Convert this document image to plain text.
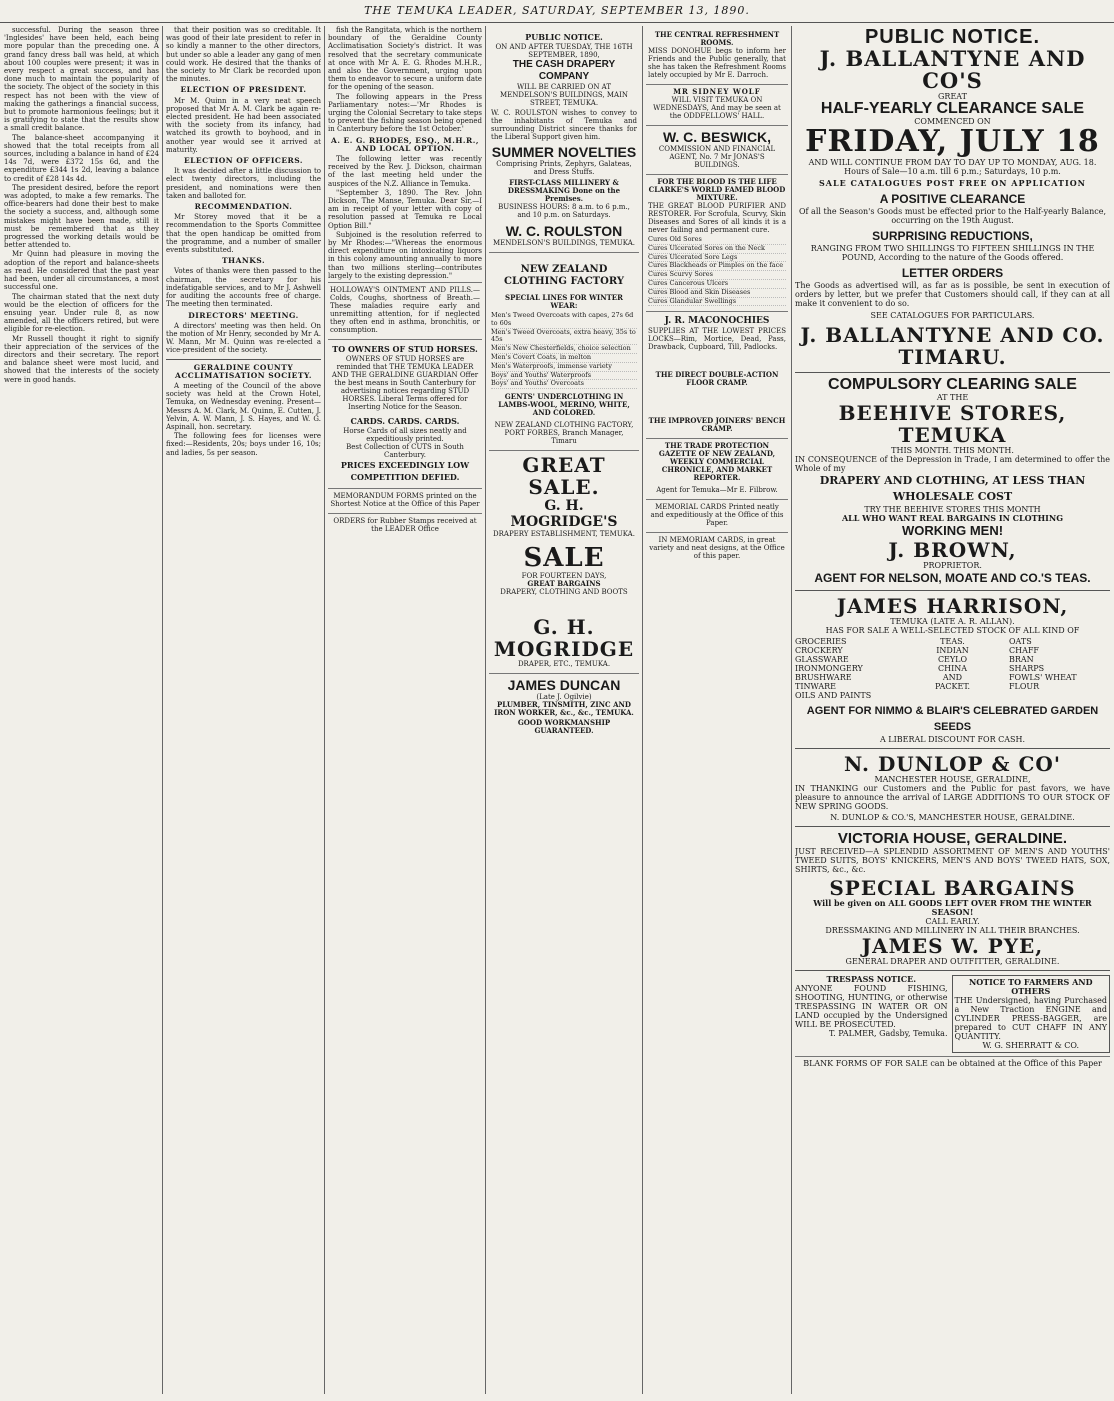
THE TEMUKA LEADER, SATURDAY, SEPTEMBER 13, 1890.

successful. During the season three 'Inglesides' have been held, each being more popular than the preceding one. A grand fancy dress ball was held, at which about 100 couples were present; it was in every respect a great success, and has done much to maintain the popularity of the society. The object of the society in this respect has not been with the view of making the gatherings a financial success, but to promote harmonious feelings; but it is gratifying to state that the results show a small credit balance.

The balance-sheet accompanying it showed that the total receipts from all sources, including a balance in hand of £24 14s 7d, were £372 15s 6d, and the expenditure £344 1s 2d, leaving a balance to credit of £28 14s 4d.

The president desired, before the report was adopted, to make a few remarks. The office-bearers had done their best to make the society a success, and, although some mistakes might have been made, still it must be remembered that as they progressed the working details would be better attended to.

Mr Quinn had pleasure in moving the adoption of the report and balance-sheets as read. He considered that the past year had been, under all circumstances, a most successful one.

The chairman stated that the next duty would be the election of officers for the ensuing year. Under rule 8, as now amended, all the officers retired, but were eligible for re-election.

Mr Russell thought it right to signify their appreciation of the services of the directors and their secretary. The report and balance sheet were most lucid, and showed that the interests of the society were in good hands.

that their position was so creditable. It was good of their late president to refer in so kindly a manner to the other directors, but under so able a leader any gang of men could work. He desired that the thanks of the society to Mr Clark be recorded upon the minutes.

ELECTION OF PRESIDENT.

Mr M. Quinn in a very neat speech proposed that Mr A. M. Clark be again re-elected president. He had been associated with the society from its infancy, had watched its growth to boyhood, and in another year would see it arrived at maturity.

ELECTION OF OFFICERS.

It was decided after a little discussion to elect twenty directors, including the president, and nominations were then taken and balloted for.

RECOMMENDATION.

Mr Storey moved that it be a recommendation to the Sports Committee that the open handicap be omitted from the programme, and a number of smaller events substituted.

THANKS.

Votes of thanks were then passed to the chairman, the secretary for his indefatigable services, and to Mr J. Ashwell for auditing the accounts free of charge. The meeting then terminated.

DIRECTORS' MEETING.

A directors' meeting was then held. On the motion of Mr Henry, seconded by Mr A. W. Mann, Mr M. Quinn was re-elected a vice-president of the society.

GERALDINE COUNTY ACCLIMATISATION SOCIETY.

A meeting of the Council of the above society was held at the Crown Hotel, Temuka, on Wednesday evening. Present—Messrs A. M. Clark, M. Quinn, E. Cutten, J. Yelvin, A. W. Mann, J. S. Hayes, and W. G. Aspinall, hon. secretary.

The following fees for licenses were fixed:—Residents, 20s; boys under 16, 10s; and ladies, 5s per season.

fish the Rangitata, which is the northern boundary of the Geraldine County Acclimatisation Society's district. It was resolved that the secretary communicate at once with Mr A. E. G. Rhodes M.H.R., and also the Government, urging upon them to endeavor to secure a uniform date for the opening of the season.

The following appears in the Press Parliamentary notes:—'Mr Rhodes is urging the Colonial Secretary to take steps to prevent the fishing season being opened in Canterbury before the 1st October.'

A. E. G. RHODES, ESQ., M.H.R., AND LOCAL OPTION.

The following letter was recently received by the Rev. J. Dickson, chairman of the last meeting held under the auspices of the N.Z. Alliance in Temuka.

"September 3, 1890. The Rev. John Dickson, The Manse, Temuka. Dear Sir,—I am in receipt of your letter with copy of resolution passed at Temuka re Local Option Bill."

Subjoined is the resolution referred to by Mr Rhodes:—"Whereas the enormous direct expenditure on intoxicating liquors in this colony amounting annually to more than two millions sterling—contributes largely to the existing depression."

HOLLOWAY'S OINTMENT AND PILLS.—Colds, Coughs, shortness of Breath.—These maladies require early and unremitting attention, for if neglected they often end in asthma, bronchitis, or consumption.
TO OWNERS OF STUD HORSES.
OWNERS OF STUD HORSES are reminded that THE TEMUKA LEADER AND THE GERALDINE GUARDIAN Offer the best means in South Canterbury for advertising notices regarding STUD HORSES. Liberal Terms offered for Inserting Notice for the Season.
CARDS. CARDS. CARDS.
Horse Cards of all sizes neatly and expeditiously printed.
Best Collection of CUTS in South Canterbury.
PRICES EXCEEDINGLY LOW COMPETITION DEFIED.
MEMORANDUM FORMS printed on the Shortest Notice at the Office of this Paper
ORDERS for Rubber Stamps received at the LEADER Office
PUBLIC NOTICE.
ON AND AFTER TUESDAY, THE 16TH SEPTEMBER, 1890,
THE CASH DRAPERY COMPANY
WILL BE CARRIED ON AT MENDELSON'S BUILDINGS, MAIN STREET, TEMUKA.
W. C. ROULSTON wishes to convey to the inhabitants of Temuka and surrounding District sincere thanks for the Liberal Support given him.
SUMMER NOVELTIES
Comprising Prints, Zephyrs, Galateas, and Dress Stuffs.
FIRST-CLASS MILLINERY & DRESSMAKING Done on the Premises.
BUSINESS HOURS: 8 a.m. to 6 p.m., and 10 p.m. on Saturdays.
W. C. ROULSTON
MENDELSON'S BUILDINGS, TEMUKA.
NEW ZEALAND CLOTHING FACTORY
SPECIAL LINES FOR WINTER WEAR:
Men's Tweed Overcoats with capes, 27s 6d to 60s
Men's Tweed Overcoats, extra heavy, 35s to 45s
Men's New Chesterfields, choice selection
Men's Covert Coats, in melton
Men's Waterproofs, immense variety
Boys' and Youths' Waterproofs
Boys' and Youths' Overcoats
GENTS' UNDERCLOTHING IN LAMBS-WOOL, MERINO, WHITE, AND COLORED.
NEW ZEALAND CLOTHING FACTORY, PORT FORBES, Branch Manager, Timaru
GREAT SALE.
G. H. MOGRIDGE'S
DRAPERY ESTABLISHMENT, TEMUKA.
SALE
FOR FOURTEEN DAYS,
GREAT BARGAINS
DRAPERY, CLOTHING AND BOOTS
G. H. MOGRIDGE
DRAPER, ETC., TEMUKA.
JAMES DUNCAN
(Late J. Ogilvie)
PLUMBER, TINSMITH, ZINC AND IRON WORKER, &c., &c., TEMUKA.
GOOD WORKMANSHIP GUARANTEED.
THE CENTRAL REFRESHMENT ROOMS.
MISS DONOHUE begs to inform her Friends and the Public generally, that she has taken the Refreshment Rooms lately occupied by Mr E. Darroch.
MR SIDNEY WOLF
WILL VISIT TEMUKA ON WEDNESDAYS, And may be seen at the ODDFELLOWS' HALL.
W. C. BESWICK,
COMMISSION AND FINANCIAL AGENT, No. 7 Mr JONAS'S BUILDINGS.
FOR THE BLOOD IS THE LIFE
CLARKE'S WORLD FAMED BLOOD MIXTURE.
THE GREAT BLOOD PURIFIER AND RESTORER. For Scrofula, Scurvy, Skin Diseases and Sores of all kinds it is a never failing and permanent cure.
Cures Old Sores
Cures Ulcerated Sores on the Neck
Cures Ulcerated Sore Legs
Cures Blackheads or Pimples on the face
Cures Scurvy Sores
Cures Cancerous Ulcers
Cures Blood and Skin Diseases
Cures Glandular Swellings
J. R. MACONOCHIES
SUPPLIES AT THE LOWEST PRICES LOCKS—Rim, Mortice, Dead, Pass, Drawback, Cupboard, Till, Padlocks.
THE DIRECT DOUBLE-ACTION FLOOR CRAMP.
THE IMPROVED JOINERS' BENCH CRAMP.
THE TRADE PROTECTION GAZETTE OF NEW ZEALAND, WEEKLY COMMERCIAL CHRONICLE, AND MARKET REPORTER.
Agent for Temuka—Mr E. Filbrow.
MEMORIAL CARDS Printed neatly and expeditiously at the Office of this Paper.
IN MEMORIAM CARDS, in great variety and neat designs, at the Office of this paper.
PUBLIC NOTICE.
J. BALLANTYNE AND CO'S
GREAT
HALF-YEARLY CLEARANCE SALE
COMMENCED ON
FRIDAY, JULY 18
AND WILL CONTINUE FROM DAY TO DAY UP TO MONDAY, AUG. 18.
Hours of Sale—10 a.m. till 6 p.m.; Saturdays, 10 p.m.
SALE CATALOGUES POST FREE ON APPLICATION
A POSITIVE CLEARANCE
Of all the Season's Goods must be effected prior to the Half-yearly Balance, occurring on the 19th August.
SURPRISING REDUCTIONS,
RANGING FROM TWO SHILLINGS TO FIFTEEN SHILLINGS IN THE POUND, According to the nature of the Goods offered.
LETTER ORDERS
The Goods as advertised will, as far as is possible, be sent in execution of orders by letter, but we prefer that Customers should call, if they can at all make it convenient to do so.
SEE CATALOGUES FOR PARTICULARS.
J. BALLANTYNE AND CO.
TIMARU.
COMPULSORY CLEARING SALE
AT THE
BEEHIVE STORES, TEMUKA
THIS MONTH. THIS MONTH.
IN CONSEQUENCE of the Depression in Trade, I am determined to offer the Whole of my
DRAPERY AND CLOTHING, AT LESS THAN WHOLESALE COST
TRY THE BEEHIVE STORES THIS MONTH
ALL WHO WANT REAL BARGAINS IN CLOTHING
WORKING MEN!
J. BROWN,
PROPRIETOR.
AGENT FOR NELSON, MOATE AND CO.'S TEAS.
JAMES HARRISON,
TEMUKA (LATE A. R. ALLAN).
HAS FOR SALE A WELL-SELECTED STOCK OF ALL KIND OF
GROCERIES
CROCKERY
GLASSWARE
IRONMONGERY
BRUSHWARE
TINWARE
OILS AND PAINTS
TEAS.
INDIAN
CEYLO
CHINA
AND
PACKET.
OATS
CHAFF
BRAN
SHARPS
FOWLS' WHEAT
FLOUR
AGENT FOR NIMMO & BLAIR'S CELEBRATED GARDEN SEEDS
A LIBERAL DISCOUNT FOR CASH.
N. DUNLOP & CO'
MANCHESTER HOUSE, GERALDINE,
IN THANKING our Customers and the Public for past favors, we have pleasure to announce the arrival of LARGE ADDITIONS TO OUR STOCK OF NEW SPRING GOODS.
N. DUNLOP & CO.'S, MANCHESTER HOUSE, GERALDINE.
VICTORIA HOUSE, GERALDINE.
JUST RECEIVED—A SPLENDID ASSORTMENT OF MEN'S AND YOUTHS' TWEED SUITS, BOYS' KNICKERS, MEN'S AND BOYS' TWEED HATS, SOX, SHIRTS, &c., &c.
SPECIAL BARGAINS
Will be given on ALL GOODS LEFT OVER FROM THE WINTER SEASON!
CALL EARLY.
DRESSMAKING AND MILLINERY IN ALL THEIR BRANCHES.
JAMES W. PYE,
GENERAL DRAPER AND OUTFITTER, GERALDINE.
TRESPASS NOTICE.
ANYONE FOUND FISHING, SHOOTING, HUNTING, or otherwise TRESPASSING IN WATER OR ON LAND occupied by the Undersigned WILL BE PROSECUTED.
T. PALMER, Gadsby, Temuka.
NOTICE TO FARMERS AND OTHERS
THE Undersigned, having Purchased a New Traction ENGINE and CYLINDER PRESS-BAGGER, are prepared to CUT CHAFF IN ANY QUANTITY.
W. G. SHERRATT & CO.
BLANK FORMS OF FOR SALE can be obtained at the Office of this Paper
